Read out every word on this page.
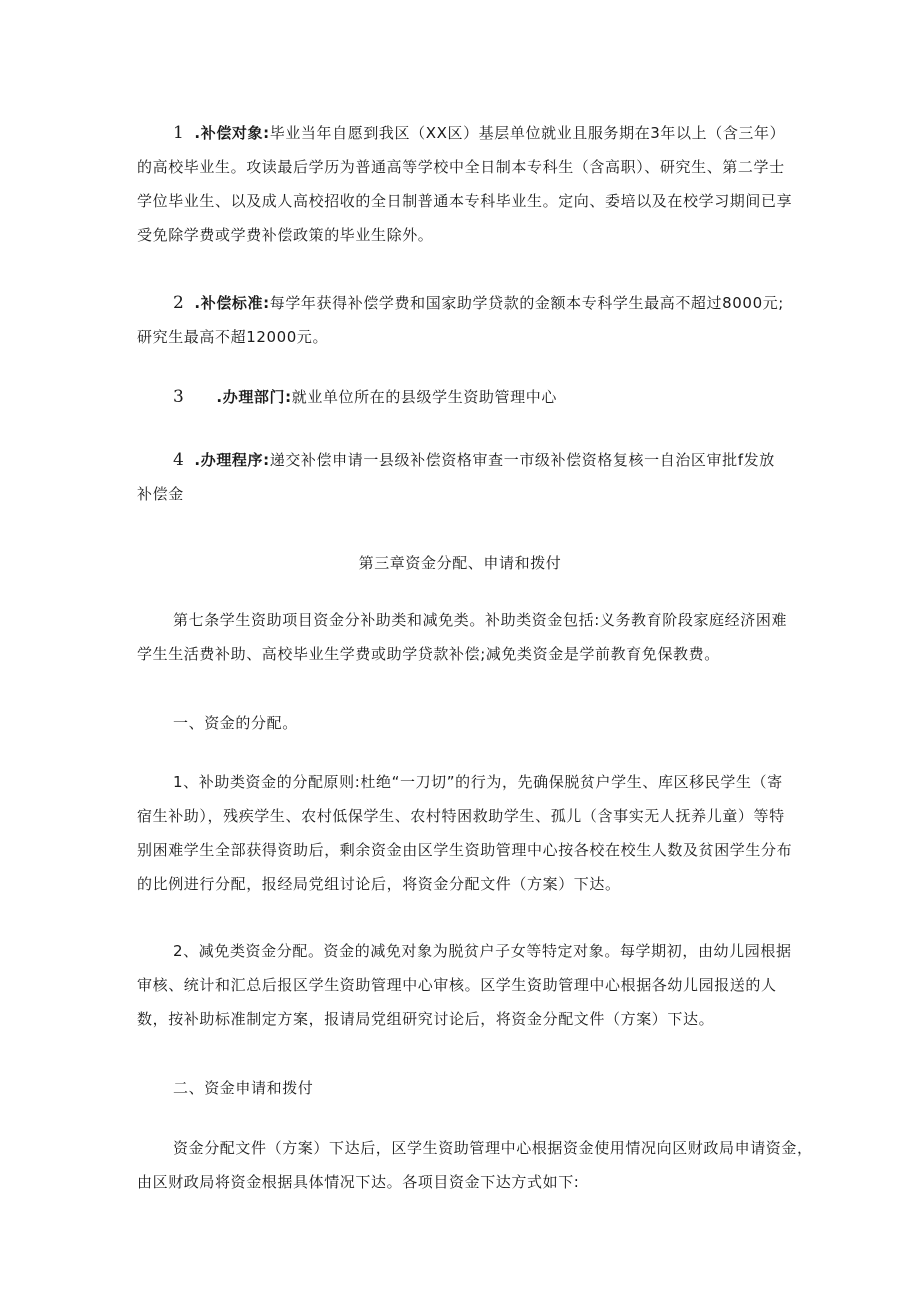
1 .补偿对象:毕业当年自愿到我区（XX区）基层单位就业且服务期在3年以上（含三年）
的高校毕业生。攻读最后学历为普通高等学校中全日制本专科生（含高职）、研究生、第二学士
学位毕业生、以及成人高校招收的全日制普通本专科毕业生。定向、委培以及在校学习期间已享
受免除学费或学费补偿政策的毕业生除外。
2 .补偿标准:每学年获得补偿学费和国家助学贷款的金额本专科学生最高不超过8000元;
研究生最高不超12000元。
3 .办理部门:就业单位所在的县级学生资助管理中心
4 .办理程序:递交补偿申请一县级补偿资格审查一市级补偿资格复核一自治区审批f发放
补偿金
第三章资金分配、申请和拨付
第七条学生资助项目资金分补助类和减免类。补助类资金包括:义务教育阶段家庭经济困难
学生生活费补助、高校毕业生学费或助学贷款补偿;减免类资金是学前教育免保教费。
一、资金的分配。
1、补助类资金的分配原则:杜绝“一刀切”的行为，先确保脱贫户学生、库区移民学生（寄
宿生补助），残疾学生、农村低保学生、农村特困救助学生、孤儿（含事实无人抚养儿童）等特
别困难学生全部获得资助后，剩余资金由区学生资助管理中心按各校在校生人数及贫困学生分布
的比例进行分配，报经局党组讨论后，将资金分配文件（方案）下达。
2、减免类资金分配。资金的减免对象为脱贫户子女等特定对象。每学期初，由幼儿园根据
审核、统计和汇总后报区学生资助管理中心审核。区学生资助管理中心根据各幼儿园报送的人
数，按补助标准制定方案，报请局党组研究讨论后，将资金分配文件（方案）下达。
二、资金申请和拨付
资金分配文件（方案）下达后，区学生资助管理中心根据资金使用情况向区财政局申请资金，
由区财政局将资金根据具体情况下达。各项目资金下达方式如下:
